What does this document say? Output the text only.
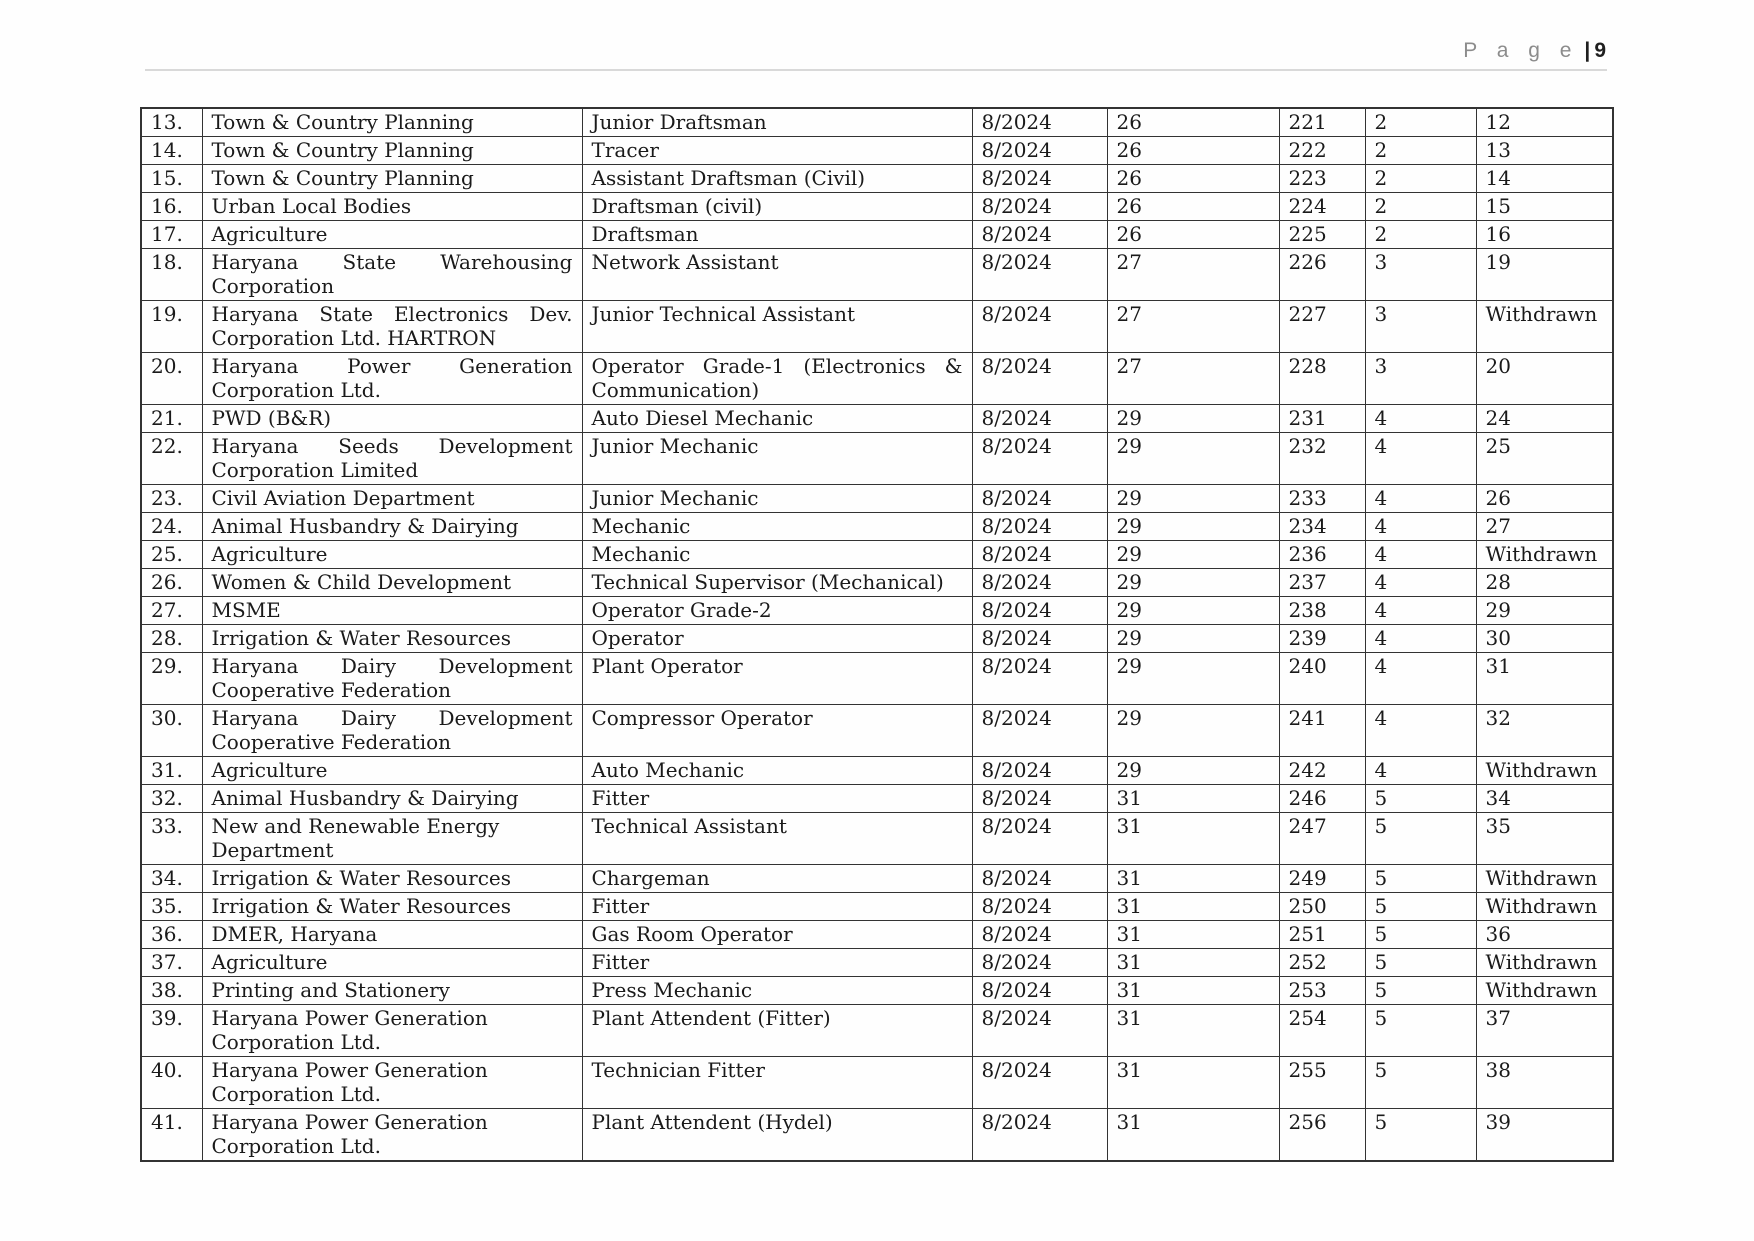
P a g e | 9
13.	Town & Country Planning	Junior Draftsman	8/2024	26	221	2	12
14.	Town & Country Planning	Tracer	8/2024	26	222	2	13
15.	Town & Country Planning	Assistant Draftsman (Civil)	8/2024	26	223	2	14
16.	Urban Local Bodies	Draftsman (civil)	8/2024	26	224	2	15
17.	Agriculture	Draftsman	8/2024	26	225	2	16
18.	Haryana State Warehousing Corporation	Network Assistant	8/2024	27	226	3	19
19.	Haryana State Electronics Dev. Corporation Ltd. HARTRON	Junior Technical Assistant	8/2024	27	227	3	Withdrawn
20.	Haryana Power Generation Corporation Ltd.	Operator Grade-1 (Electronics & Communication)	8/2024	27	228	3	20
21.	PWD (B&R)	Auto Diesel Mechanic	8/2024	29	231	4	24
22.	Haryana Seeds Development Corporation Limited	Junior Mechanic	8/2024	29	232	4	25
23.	Civil Aviation Department	Junior Mechanic	8/2024	29	233	4	26
24.	Animal Husbandry & Dairying	Mechanic	8/2024	29	234	4	27
25.	Agriculture	Mechanic	8/2024	29	236	4	Withdrawn
26.	Women & Child Development	Technical Supervisor (Mechanical)	8/2024	29	237	4	28
27.	MSME	Operator Grade-2	8/2024	29	238	4	29
28.	Irrigation & Water Resources	Operator	8/2024	29	239	4	30
29.	Haryana Dairy Development Cooperative Federation	Plant Operator	8/2024	29	240	4	31
30.	Haryana Dairy Development Cooperative Federation	Compressor Operator	8/2024	29	241	4	32
31.	Agriculture	Auto Mechanic	8/2024	29	242	4	Withdrawn
32.	Animal Husbandry & Dairying	Fitter	8/2024	31	246	5	34
33.	New and Renewable Energy Department	Technical Assistant	8/2024	31	247	5	35
34.	Irrigation & Water Resources	Chargeman	8/2024	31	249	5	Withdrawn
35.	Irrigation & Water Resources	Fitter	8/2024	31	250	5	Withdrawn
36.	DMER, Haryana	Gas Room Operator	8/2024	31	251	5	36
37.	Agriculture	Fitter	8/2024	31	252	5	Withdrawn
38.	Printing and Stationery	Press Mechanic	8/2024	31	253	5	Withdrawn
39.	Haryana Power Generation Corporation Ltd.	Plant Attendent (Fitter)	8/2024	31	254	5	37
40.	Haryana Power Generation Corporation Ltd.	Technician Fitter	8/2024	31	255	5	38
41.	Haryana Power Generation Corporation Ltd.	Plant Attendent (Hydel)	8/2024	31	256	5	39
